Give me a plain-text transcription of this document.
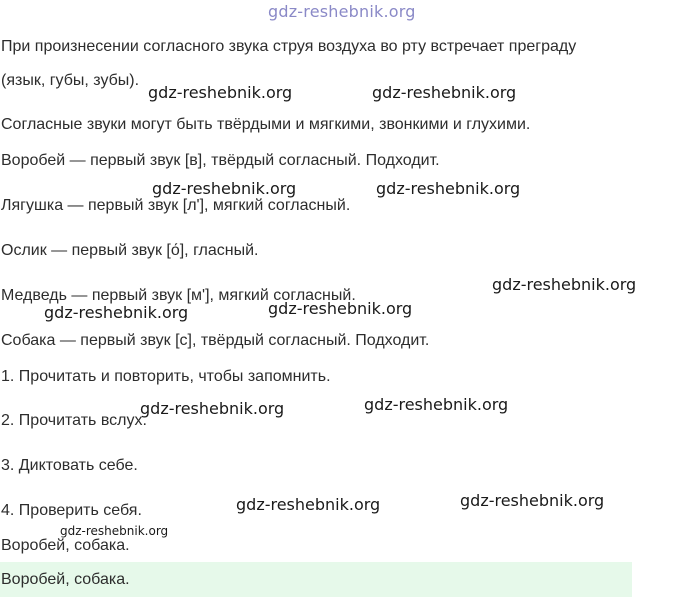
gdz-reshebnik.org
При произнесении согласного звука струя воздуха во рту встречает преграду
(язык, губы, зубы).
Согласные звуки могут быть твёрдыми и мягкими, звонкими и глухими.
Воробей — первый звук [в], твёрдый согласный. Подходит.
Лягушка — первый звук [л'], мягкий согласный.
Ослик — первый звук [о́], гласный.
Медведь — первый звук [м'], мягкий согласный.
Собака — первый звук [с], твёрдый согласный. Подходит.
1. Прочитать и повторить, чтобы запомнить.
2. Прочитать вслух.
3. Диктовать себе.
4. Проверить себя.
Воробей, собака.
Воробей, собака.
gdz-reshebnik.org	gdz-reshebnik.org
gdz-reshebnik.org	gdz-reshebnik.org
gdz-reshebnik.org
gdz-reshebnik.org
gdz-reshebnik.org
gdz-reshebnik.org	gdz-reshebnik.org
gdz-reshebnik.org	gdz-reshebnik.org
gdz-reshebnik.org
